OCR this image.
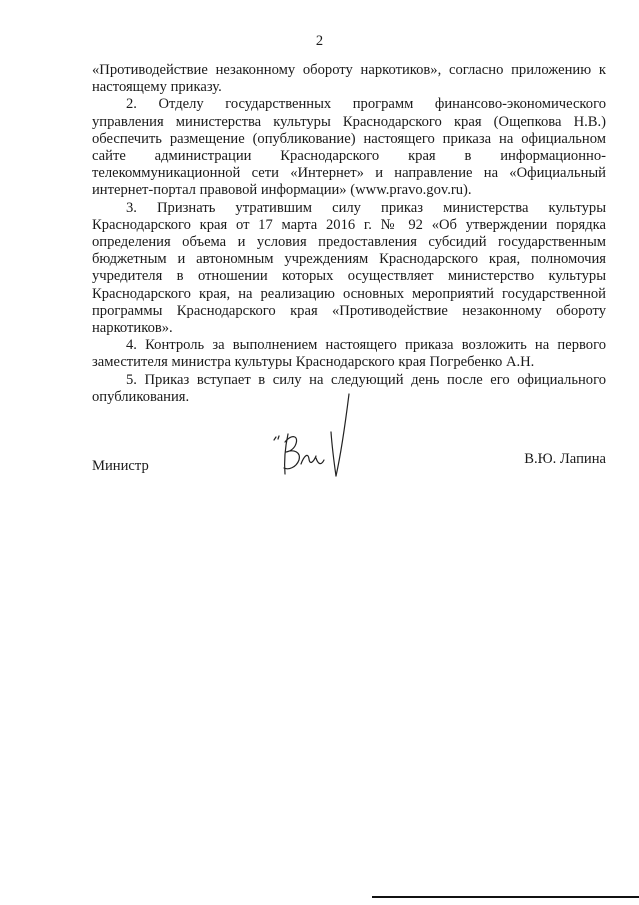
2

«Противодействие незаконному обороту наркотиков», согласно приложению к настоящему приказу.

2. Отделу государственных программ финансово-экономического управления министерства культуры Краснодарского края (Ощепкова Н.В.) обеспечить размещение (опубликование) настоящего приказа на официальном сайте администрации Краснодарского края в информационно-телекоммуникационной сети «Интернет» и направление на «Официальный интернет-портал правовой информации» (www.pravo.gov.ru).

3. Признать утратившим силу приказ министерства культуры Краснодарского края от 17 марта 2016 г. № 92 «Об утверждении порядка определения объема и условия предоставления субсидий государственным бюджетным и автономным учреждениям Краснодарского края, полномочия учредителя в отношении которых осуществляет министерство культуры Краснодарского края, на реализацию основных мероприятий государственной программы Краснодарского края «Противодействие незаконному обороту наркотиков».

4. Контроль за выполнением настоящего приказа возложить на первого заместителя министра культуры Краснодарского края Погребенко А.Н.

5. Приказ вступает в силу на следующий день после его официального опубликования.

Министр	В.Ю. Лапина
